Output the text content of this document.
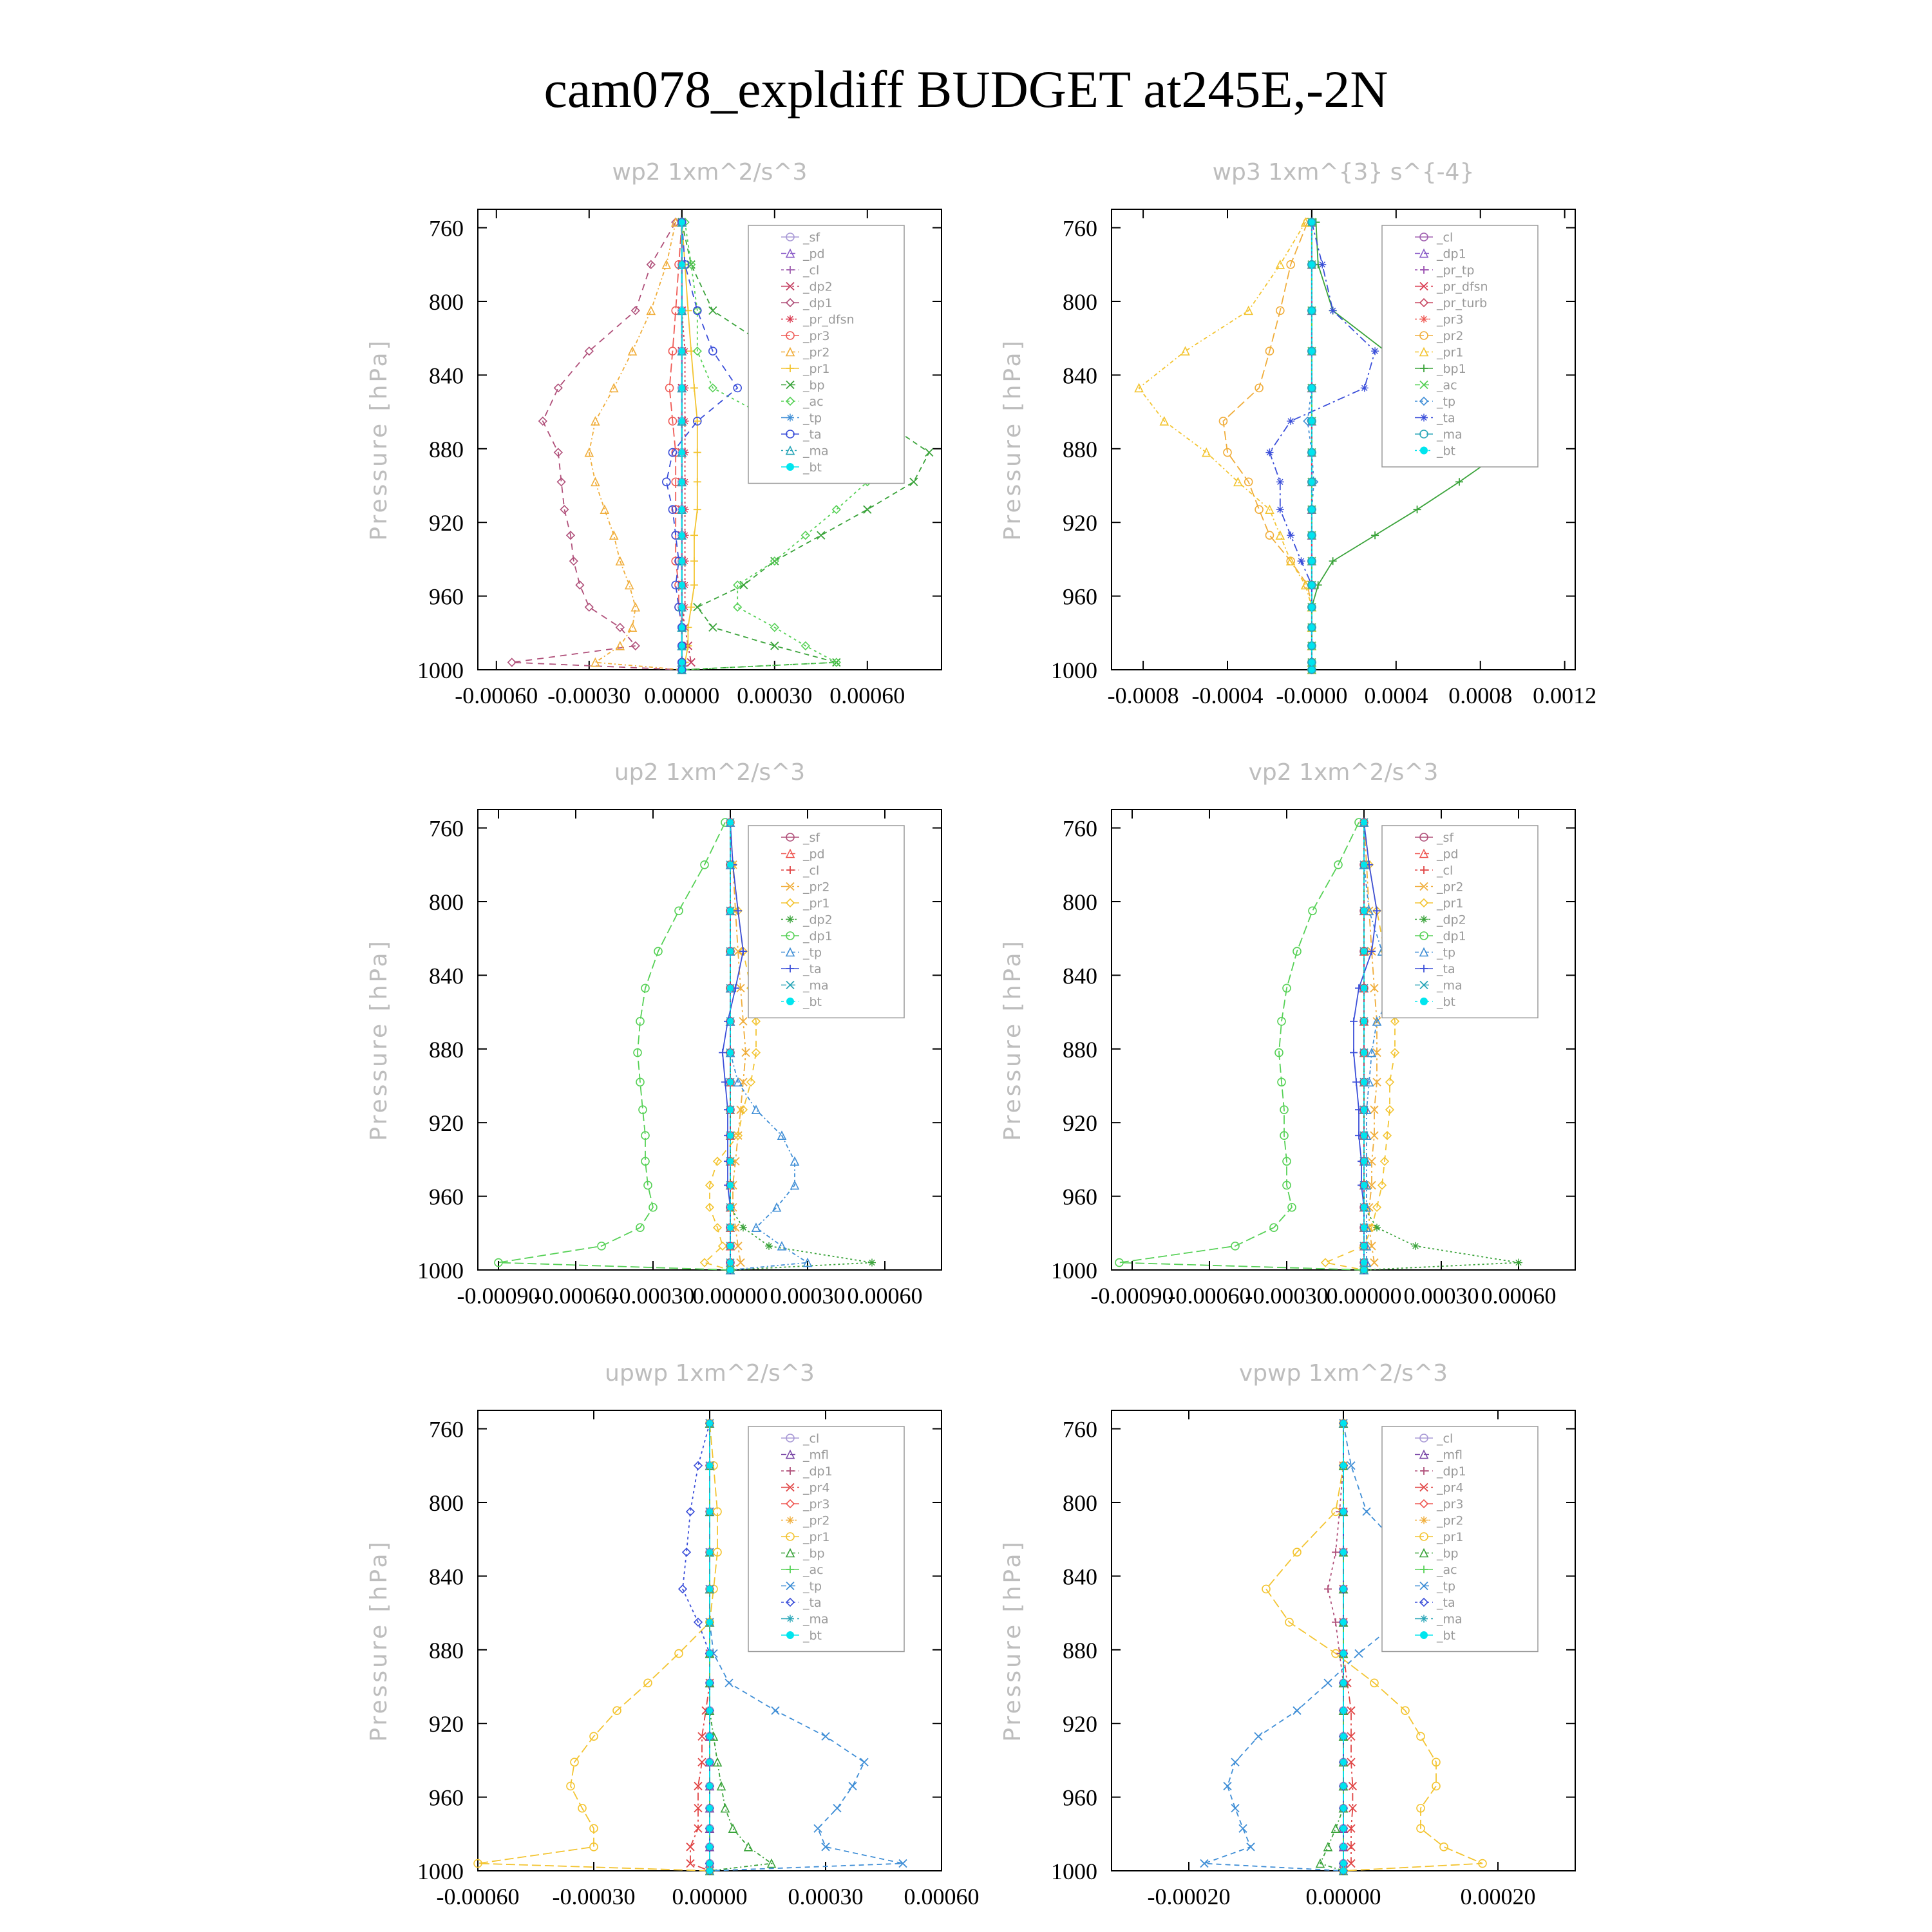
cam078_expldiff BUDGET at245E,-2N
wp2 1xm^2/s^3
Pressure [hPa]
760
800
840
880
920
960
1000
-0.00060 -0.00030 0.00000 0.00030 0.00060
_sf
_pd
_cl
_dp2
_dp1
_pr_dfsn
_pr3
_pr2
_pr1
_bp
_ac
_tp
_ta
_ma
_bt
wp3 1xm^{3} s^{-4}
Pressure [hPa]
760
800
840
880
920
960
1000
-0.0008 -0.0004 -0.0000 0.0004 0.0008 0.0012
_cl
_dp1
_pr_tp
_pr_dfsn
_pr_turb
_pr3
_pr2
_pr1
_bp1
_ac
_tp
_ta
_ma
_bt
up2 1xm^2/s^3
Pressure [hPa]
760
800
840
880
920
960
1000
-0.00090
-0.00060
-0.00030
0.00000 0.00030 0.00060
_sf
_pd
_cl
_pr2
_pr1
_dp2
_dp1
_tp
_ta
_ma
_bt
vp2 1xm^2/s^3
Pressure [hPa]
760
800
840
880
920
960
1000
-0.00090
-0.00060
-0.00030
0.00000 0.00030 0.00060
_sf
_pd
_cl
_pr2
_pr1
_dp2
_dp1
_tp
_ta
_ma
_bt
upwp 1xm^2/s^3
Pressure [hPa]
760
800
840
880
920
960
1000
-0.00060 -0.00030 0.00000 0.00030 0.00060
_cl
_mfl
_dp1
_pr4
_pr3
_pr2
_pr1
_bp
_ac
_tp
_ta
_ma
_bt
vpwp 1xm^2/s^3
Pressure [hPa]
760
800
840
880
920
960
1000
-0.00020	0.00000	0.00020
_cl
_mfl
_dp1
_pr4
_pr3
_pr2
_pr1
_bp
_ac
_tp
_ta
_ma
_bt
